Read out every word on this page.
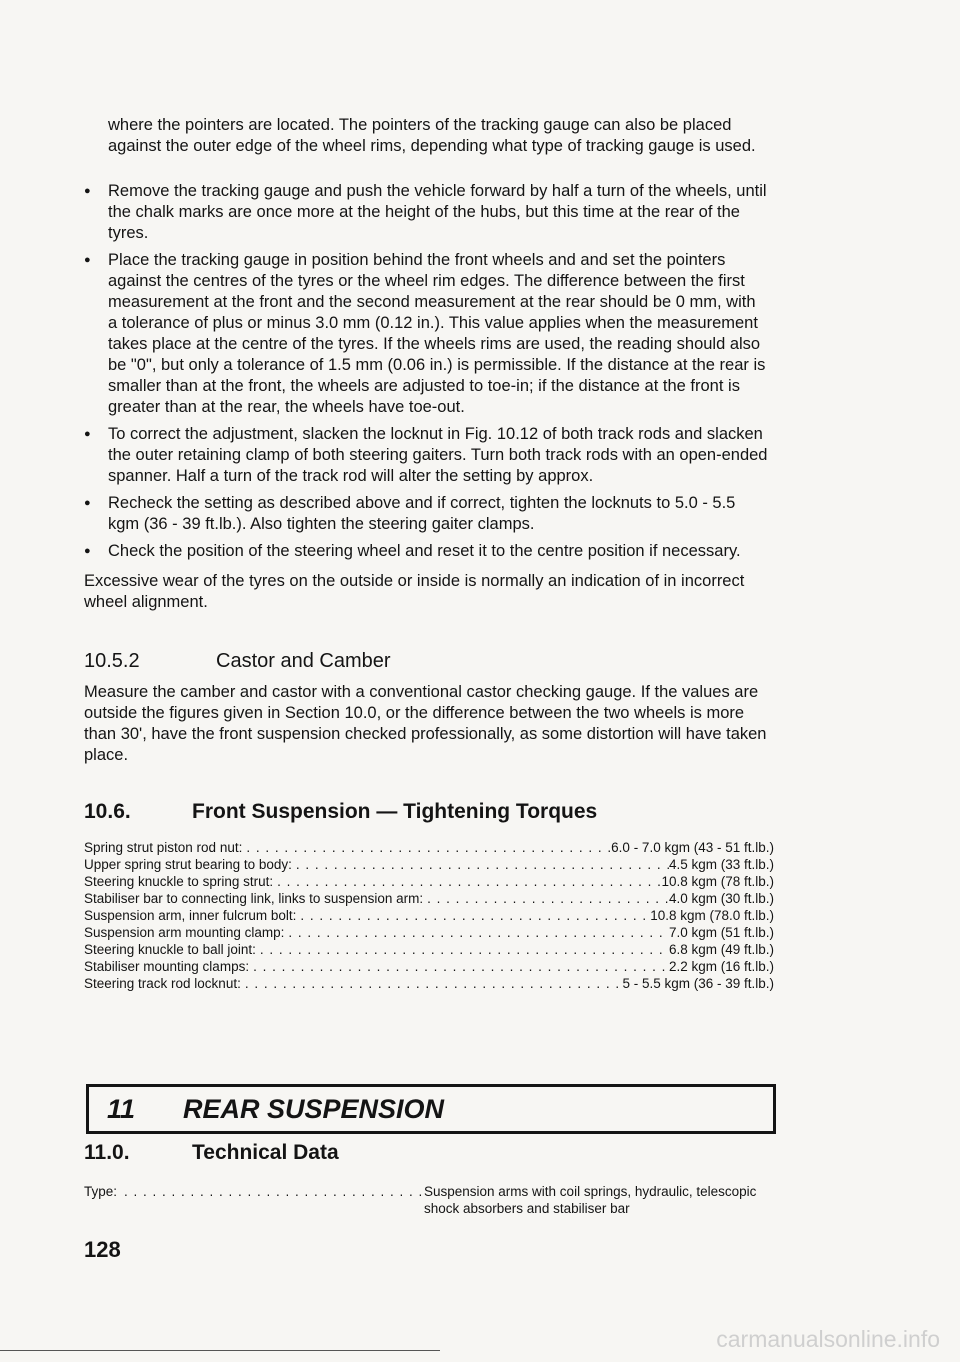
where the pointers are located. The pointers of the tracking gauge can also be placed against the outer edge of the wheel rims, depending what type of tracking gauge is used.
● Remove the tracking gauge and push the vehicle forward by half a turn of the wheels, until the chalk marks are once more at the height of the hubs, but this time at the rear of the tyres.
● Place the tracking gauge in position behind the front wheels and and set the pointers against the centres of the tyres or the wheel rim edges. The difference between the first measurement at the front and the second measurement at the rear should be 0 mm, with a tolerance of plus or minus 3.0 mm (0.12 in.). This value applies when the measurement takes place at the centre of the tyres. If the wheels rims are used, the reading should also be "0", but only a tolerance of 1.5 mm (0.06 in.) is permissible. If the distance at the rear is smaller than at the front, the wheels are adjusted to toe-in; if the distance at the front is greater than at the rear, the wheels have toe-out.
● To correct the adjustment, slacken the locknut in Fig. 10.12 of both track rods and slacken the outer retaining clamp of both steering gaiters. Turn both track rods with an open-ended spanner. Half a turn of the track rod will alter the setting by approx.
● Recheck the setting as described above and if correct, tighten the locknuts to 5.0 - 5.5 kgm (36 - 39 ft.lb.). Also tighten the steering gaiter clamps.
● Check the position of the steering wheel and reset it to the centre position if necessary.
Excessive wear of the tyres on the outside or inside is normally an indication of in incorrect wheel alignment.
10.5.2	Castor and Camber
Measure the camber and castor with a conventional castor checking gauge. If the values are outside the figures given in Section 10.0, or the difference between the two wheels is more than 30', have the front suspension checked professionally, as some distortion will have taken place.
10.6.	Front Suspension — Tightening Torques
Spring strut piston rod nut: . . .	6.0 - 7.0 kgm (43 - 51 ft.lb.)
Upper spring strut bearing to body: . . .	4.5 kgm (33 ft.lb.)
Steering knuckle to spring strut: . . .	10.8 kgm (78 ft.lb.)
Stabiliser bar to connecting link, links to suspension arm: . . .	4.0 kgm (30 ft.lb.)
Suspension arm, inner fulcrum bolt: . . .	10.8 kgm (78.0 ft.lb.)
Suspension arm mounting clamp: . . .	7.0 kgm (51 ft.lb.)
Steering knuckle to ball joint: . . .	6.8 kgm (49 ft.lb.)
Stabiliser mounting clamps: . . .	2.2 kgm (16 ft.lb.)
Steering track rod locknut: . . .	5 - 5.5 kgm (36 - 39 ft.lb.)
11 REAR SUSPENSION
11.0.	Technical Data
Type: . . .	Suspension arms with coil springs, hydraulic, telescopic shock absorbers and stabiliser bar
128
carmanualsonline.info
